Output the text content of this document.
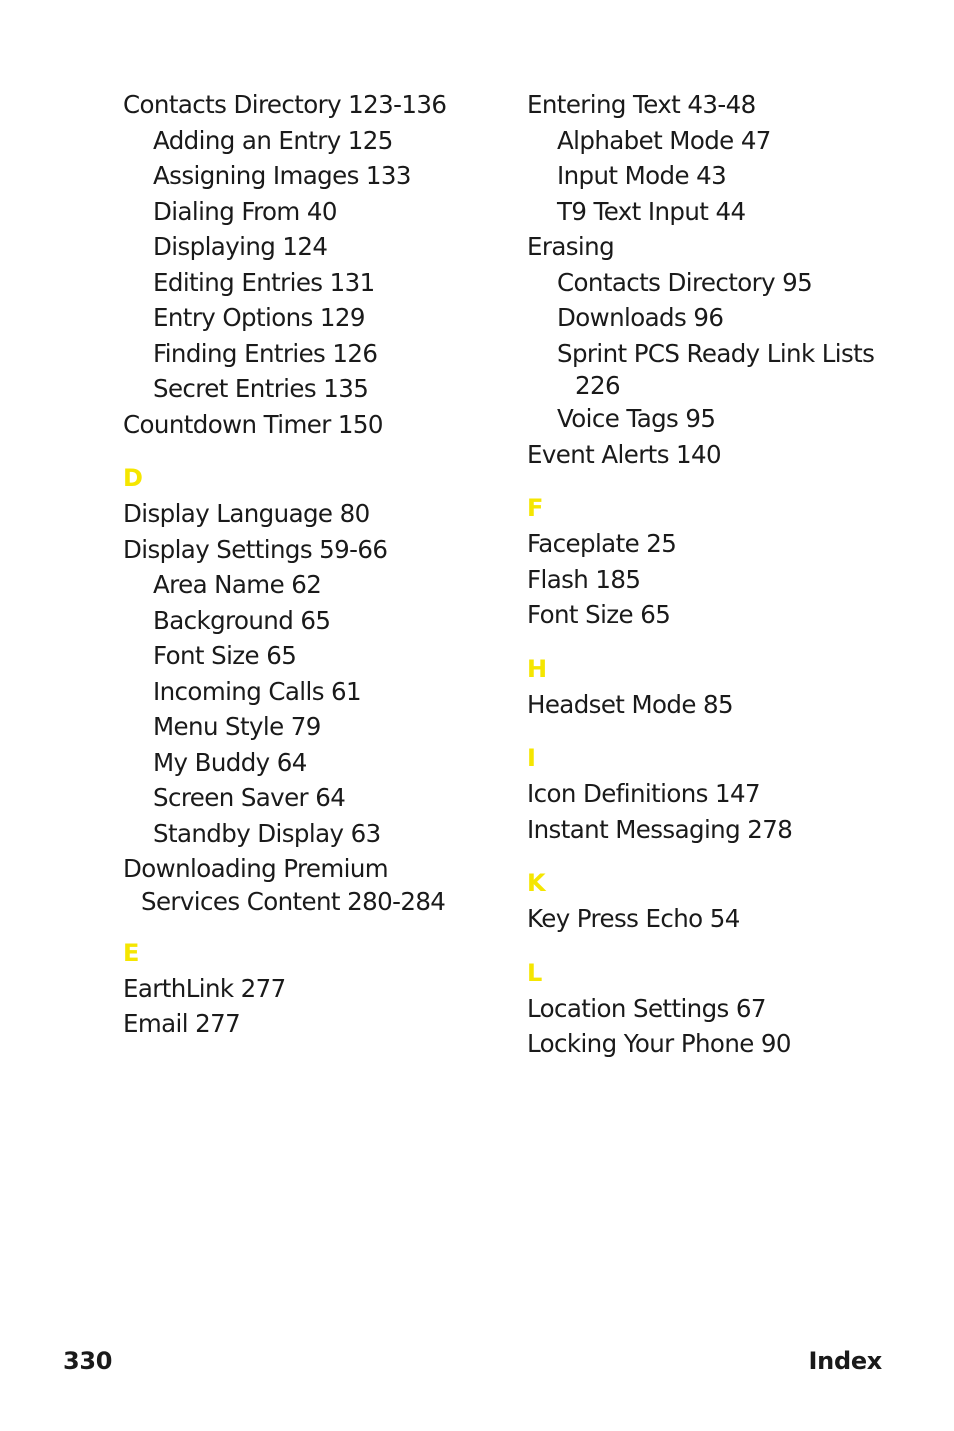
Contacts Directory 123-136
Adding an Entry 125
Assigning Images 133
Dialing From 40
Displaying 124
Editing Entries 131
Entry Options 129
Finding Entries 126
Secret Entries 135
Countdown Timer 150
D
Display Language 80
Display Settings 59-66
Area Name 62
Background 65
Font Size 65
Incoming Calls 61
Menu Style 79
My Buddy 64
Screen Saver 64
Standby Display 63
Downloading Premium
Services Content 280-284
E
EarthLink 277
Email 277
Entering Text 43-48
Alphabet Mode 47
Input Mode 43
T9 Text Input 44
Erasing
Contacts Directory 95
Downloads 96
Sprint PCS Ready Link Lists
226
Voice Tags 95
Event Alerts 140
F
Faceplate 25
Flash 185
Font Size 65
H
Headset Mode 85
I
Icon Definitions 147
Instant Messaging 278
K
Key Press Echo 54
L
Location Settings 67
Locking Your Phone 90
330	Index
